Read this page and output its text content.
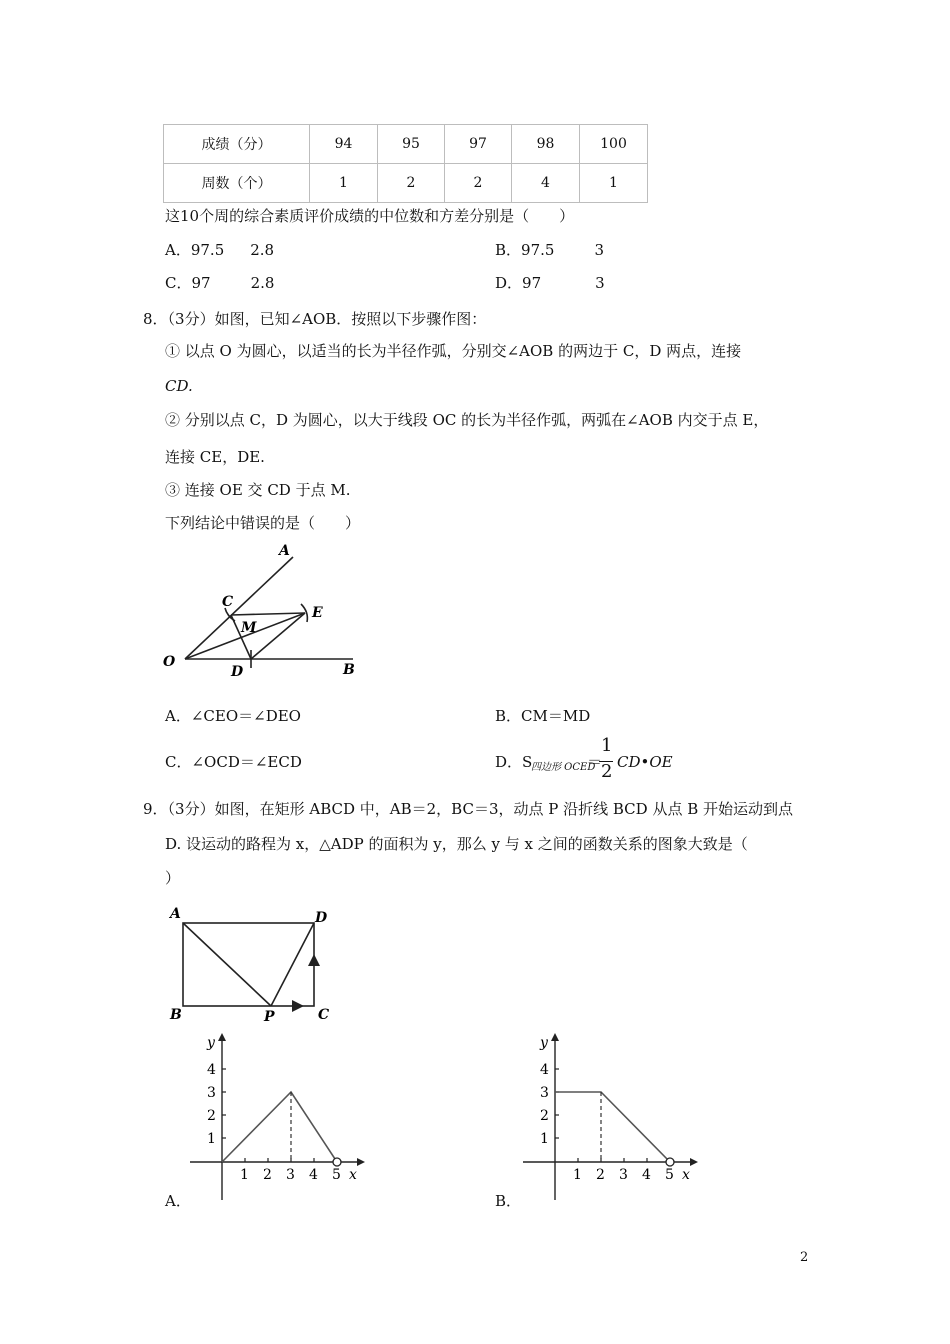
成绩（分）	94	95	97	98	100
周数（个）	1	2	2	4	1
这10个周的综合素质评价成绩的中位数和方差分别是（　　）
A．97.5 2.8	B．97.5	3
C．97	2.8	D．97	3
8．（3分）如图，已知∠AOB．按照以下步骤作图：
① 以点 O 为圆心，以适当的长为半径作弧，分别交∠AOB 的两边于 C，D 两点，连接
CD.
② 分别以点 C，D 为圆心，以大于线段 OC 的长为半径作弧，两弧在∠AOB 内交于点 E，
连接 CE，DE.
③ 连接 OE 交 CD 于点 M.
下列结论中错误的是（　　）
A
B
C
D
E
M
O
A．∠CEO＝∠DEO	B．CM＝MD
C．∠OCD＝∠ECD	D．S
四边形 OCED
＝
1
2 CD•OE
9．（3分）如图，在矩形 ABCD 中，AB＝2，BC＝3，动点 P 沿折线 BCD 从点 B 开始运动到点
D. 设运动的路程为 x，△ADP 的面积为 y，那么 y 与 x 之间的函数关系的图象大致是（
）
A
B	C
D
P
1 2 3 4 5 x
1
2
3
4
y
A．
1 2 3 4 5 x
1
2
3
4
y
B．
2
